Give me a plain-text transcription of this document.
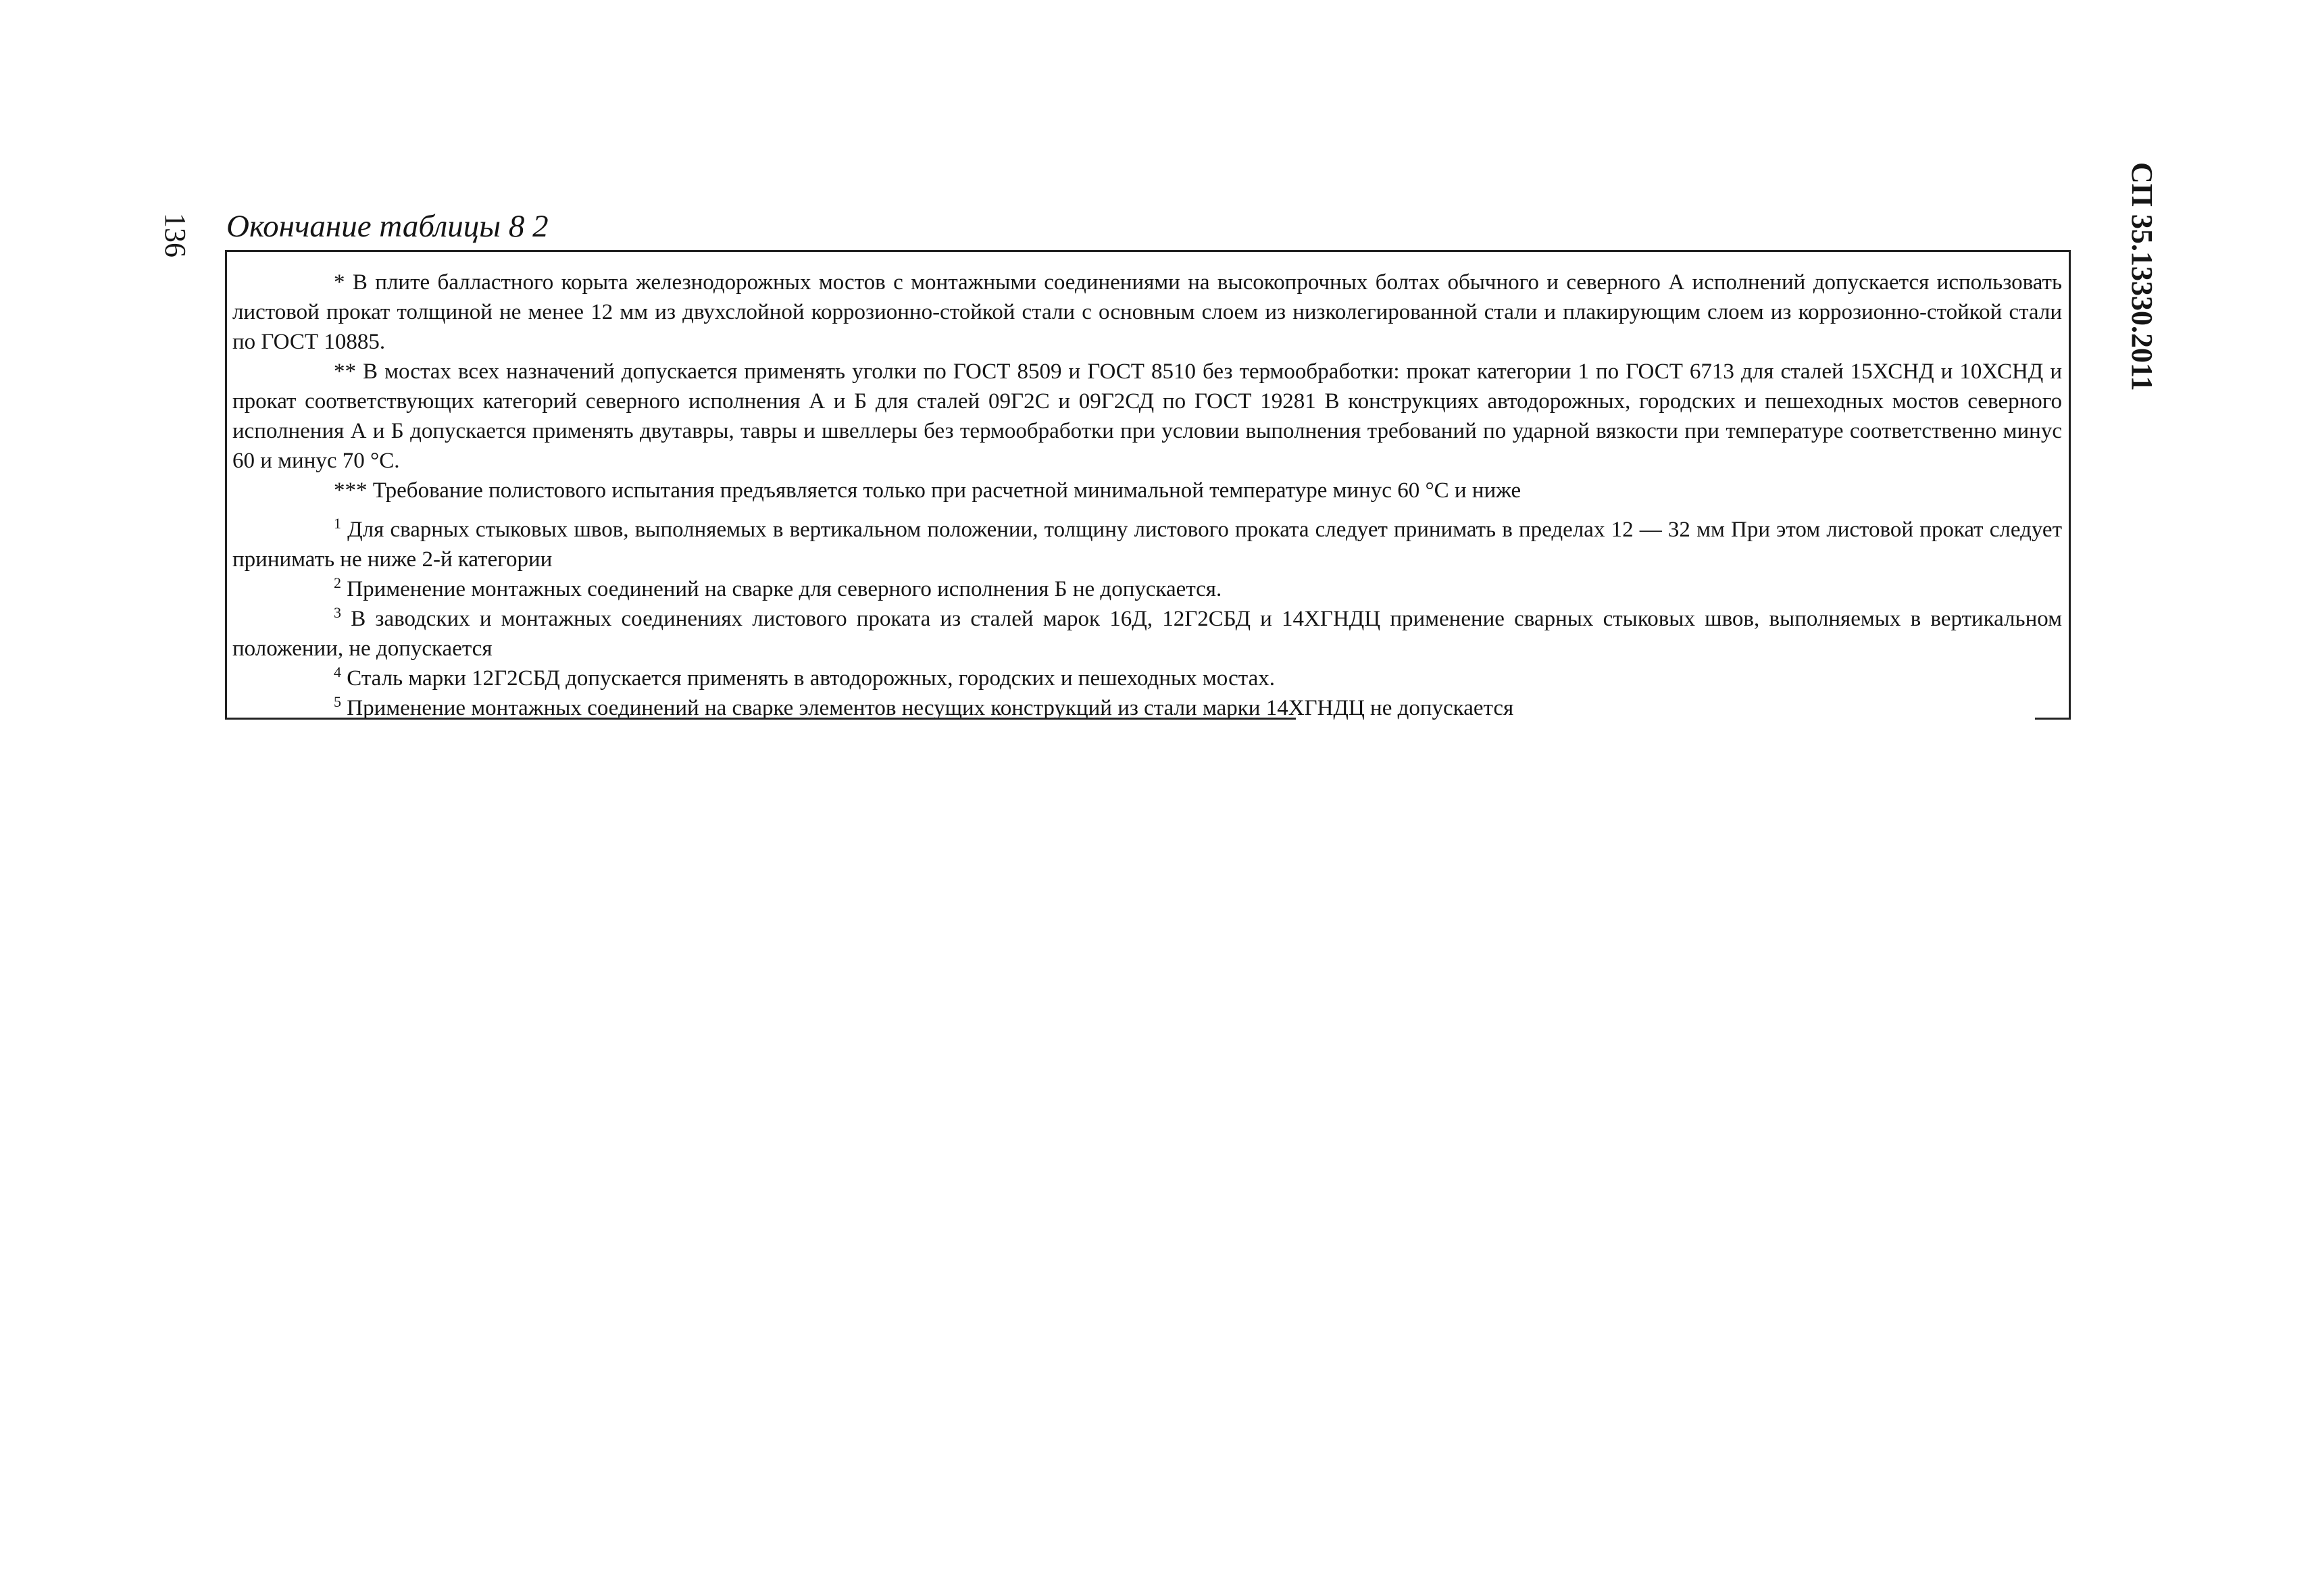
136	СП 35.13330.2011
Окончание таблицы 8 2

* В плите балластного корыта железнодорожных мостов с монтажными соединениями на высокопрочных болтах обычного и северного А исполнений допускается использовать листовой прокат толщиной не менее 12 мм из двухслойной коррозионно-стойкой стали с основным слоем из низколегированной стали и плакирующим слоем из коррозионно-стойкой стали по ГОСТ 10885.

** В мостах всех назначений допускается применять уголки по ГОСТ 8509 и ГОСТ 8510 без термообработки: прокат категории 1 по ГОСТ 6713 для сталей 15ХСНД и 10ХСНД и прокат соответствующих категорий северного исполнения А и Б для сталей 09Г2С и 09Г2СД по ГОСТ 19281 В конструкциях автодорожных, городских и пешеходных мостов северного исполнения А и Б допускается применять двутавры, тавры и швеллеры без термообработки при условии выполнения требований по ударной вязкости при температуре соответственно минус 60 и минус 70 °С.

*** Требование полистового испытания предъявляется только при расчетной минимальной температуре минус 60 °С и ниже

$^1$ Для сварных стыковых швов, выполняемых в вертикальном положении, толщину листового проката следует принимать в пределах 12 — 32 мм При этом листовой прокат следует принимать не ниже 2-й категории

$^2$ Применение монтажных соединений на сварке для северного исполнения Б не допускается.

$^3$ В заводских и монтажных соединениях листового проката из сталей марок 16Д, 12Г2СБД и 14ХГНДЦ применение сварных стыковых швов, выполняемых в вертикальном положении, не допускается

$^4$ Сталь марки 12Г2СБД допускается применять в автодорожных, городских и пешеходных мостах.

$^5$ Применение монтажных соединений на сварке элементов несущих конструкций из стали марки 14ХГНДЦ не допускается
